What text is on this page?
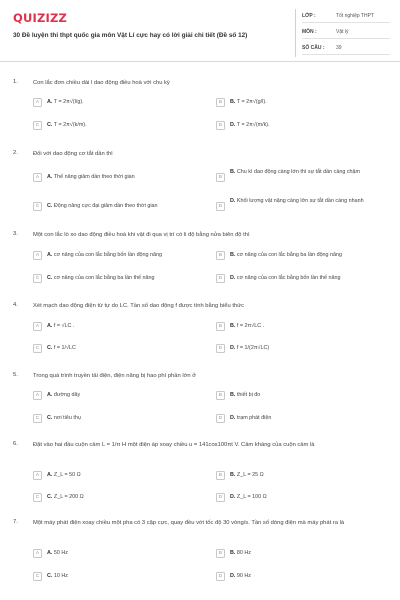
QUIZIZZ
30 Đề luyện thi thpt quốc gia môn Vật Lí cực hay có lời giải chi tiết (Đề số 12)
LỚP :	Tốt nghiệp THPT
MÔN :	Vật lý
SỐ CÂU : 39
1.	Con lắc đơn chiều dài l dao động điều hoà với chu kỳ
A	A. T = 2π√(l/g).	B	B. T = 2π√(g/l).
C	C. T = 2π√(k/m).	D	D. T = 2π√(m/k).
2.	Đối với dao động cơ tắt dần thì
A	A. Thế năng giảm dần theo thời gian	B
B. Chu kì dao động càng lớn thì sự tắt dần càng chậm
C	C. Động năng cực đại giảm dần theo thời gian	D
D. Khối lượng vật nặng càng lớn sự tắt dần càng nhanh
3.	Một con lắc lò xo dao động điều hoà khi vật đi qua vị trí có li độ bằng nửa biên độ thì
A	A. cơ năng của con lắc bằng bốn lần động năng	B	B. cơ năng của con lắc bằng ba lần động năng
C	C. cơ năng của con lắc bằng ba lần thế năng	D	D. cơ năng của con lắc bằng bốn lần thế năng
4.	Xét mạch dao động điện từ tự do LC. Tần số dao động f được tính bằng biểu thức
A	A. f = √LC .	B	B. f = 2π√LC .
C	C. f = 1/√LC	D	D. f = 1/(2π√LC)
5.	Trong quá trình truyền tải điện, điện năng bị hao phí phần lớn ở
A	A. đường dây	B	B. thiết bị đo
C	C. nơi tiêu thụ	D	D. trạm phát điện
6.	Đặt vào hai đầu cuộn cảm L = 1/π H một điện áp xoay chiều u = 141cos100πt V. Cảm kháng của cuộn cảm là
A	A. Z_L = 50 Ω	B	B. Z_L = 25 Ω
C	C. Z_L = 200 Ω	D	D. Z_L = 100 Ω
7.	Một máy phát điện xoay chiều một pha có 3 cặp cực, quay đều với tốc độ 30 vòng/s. Tần số dòng điện mà máy phát ra là
A	A. 50 Hz	B	B. 80 Hz
C	C. 10 Hz	D	D. 90 Hz
